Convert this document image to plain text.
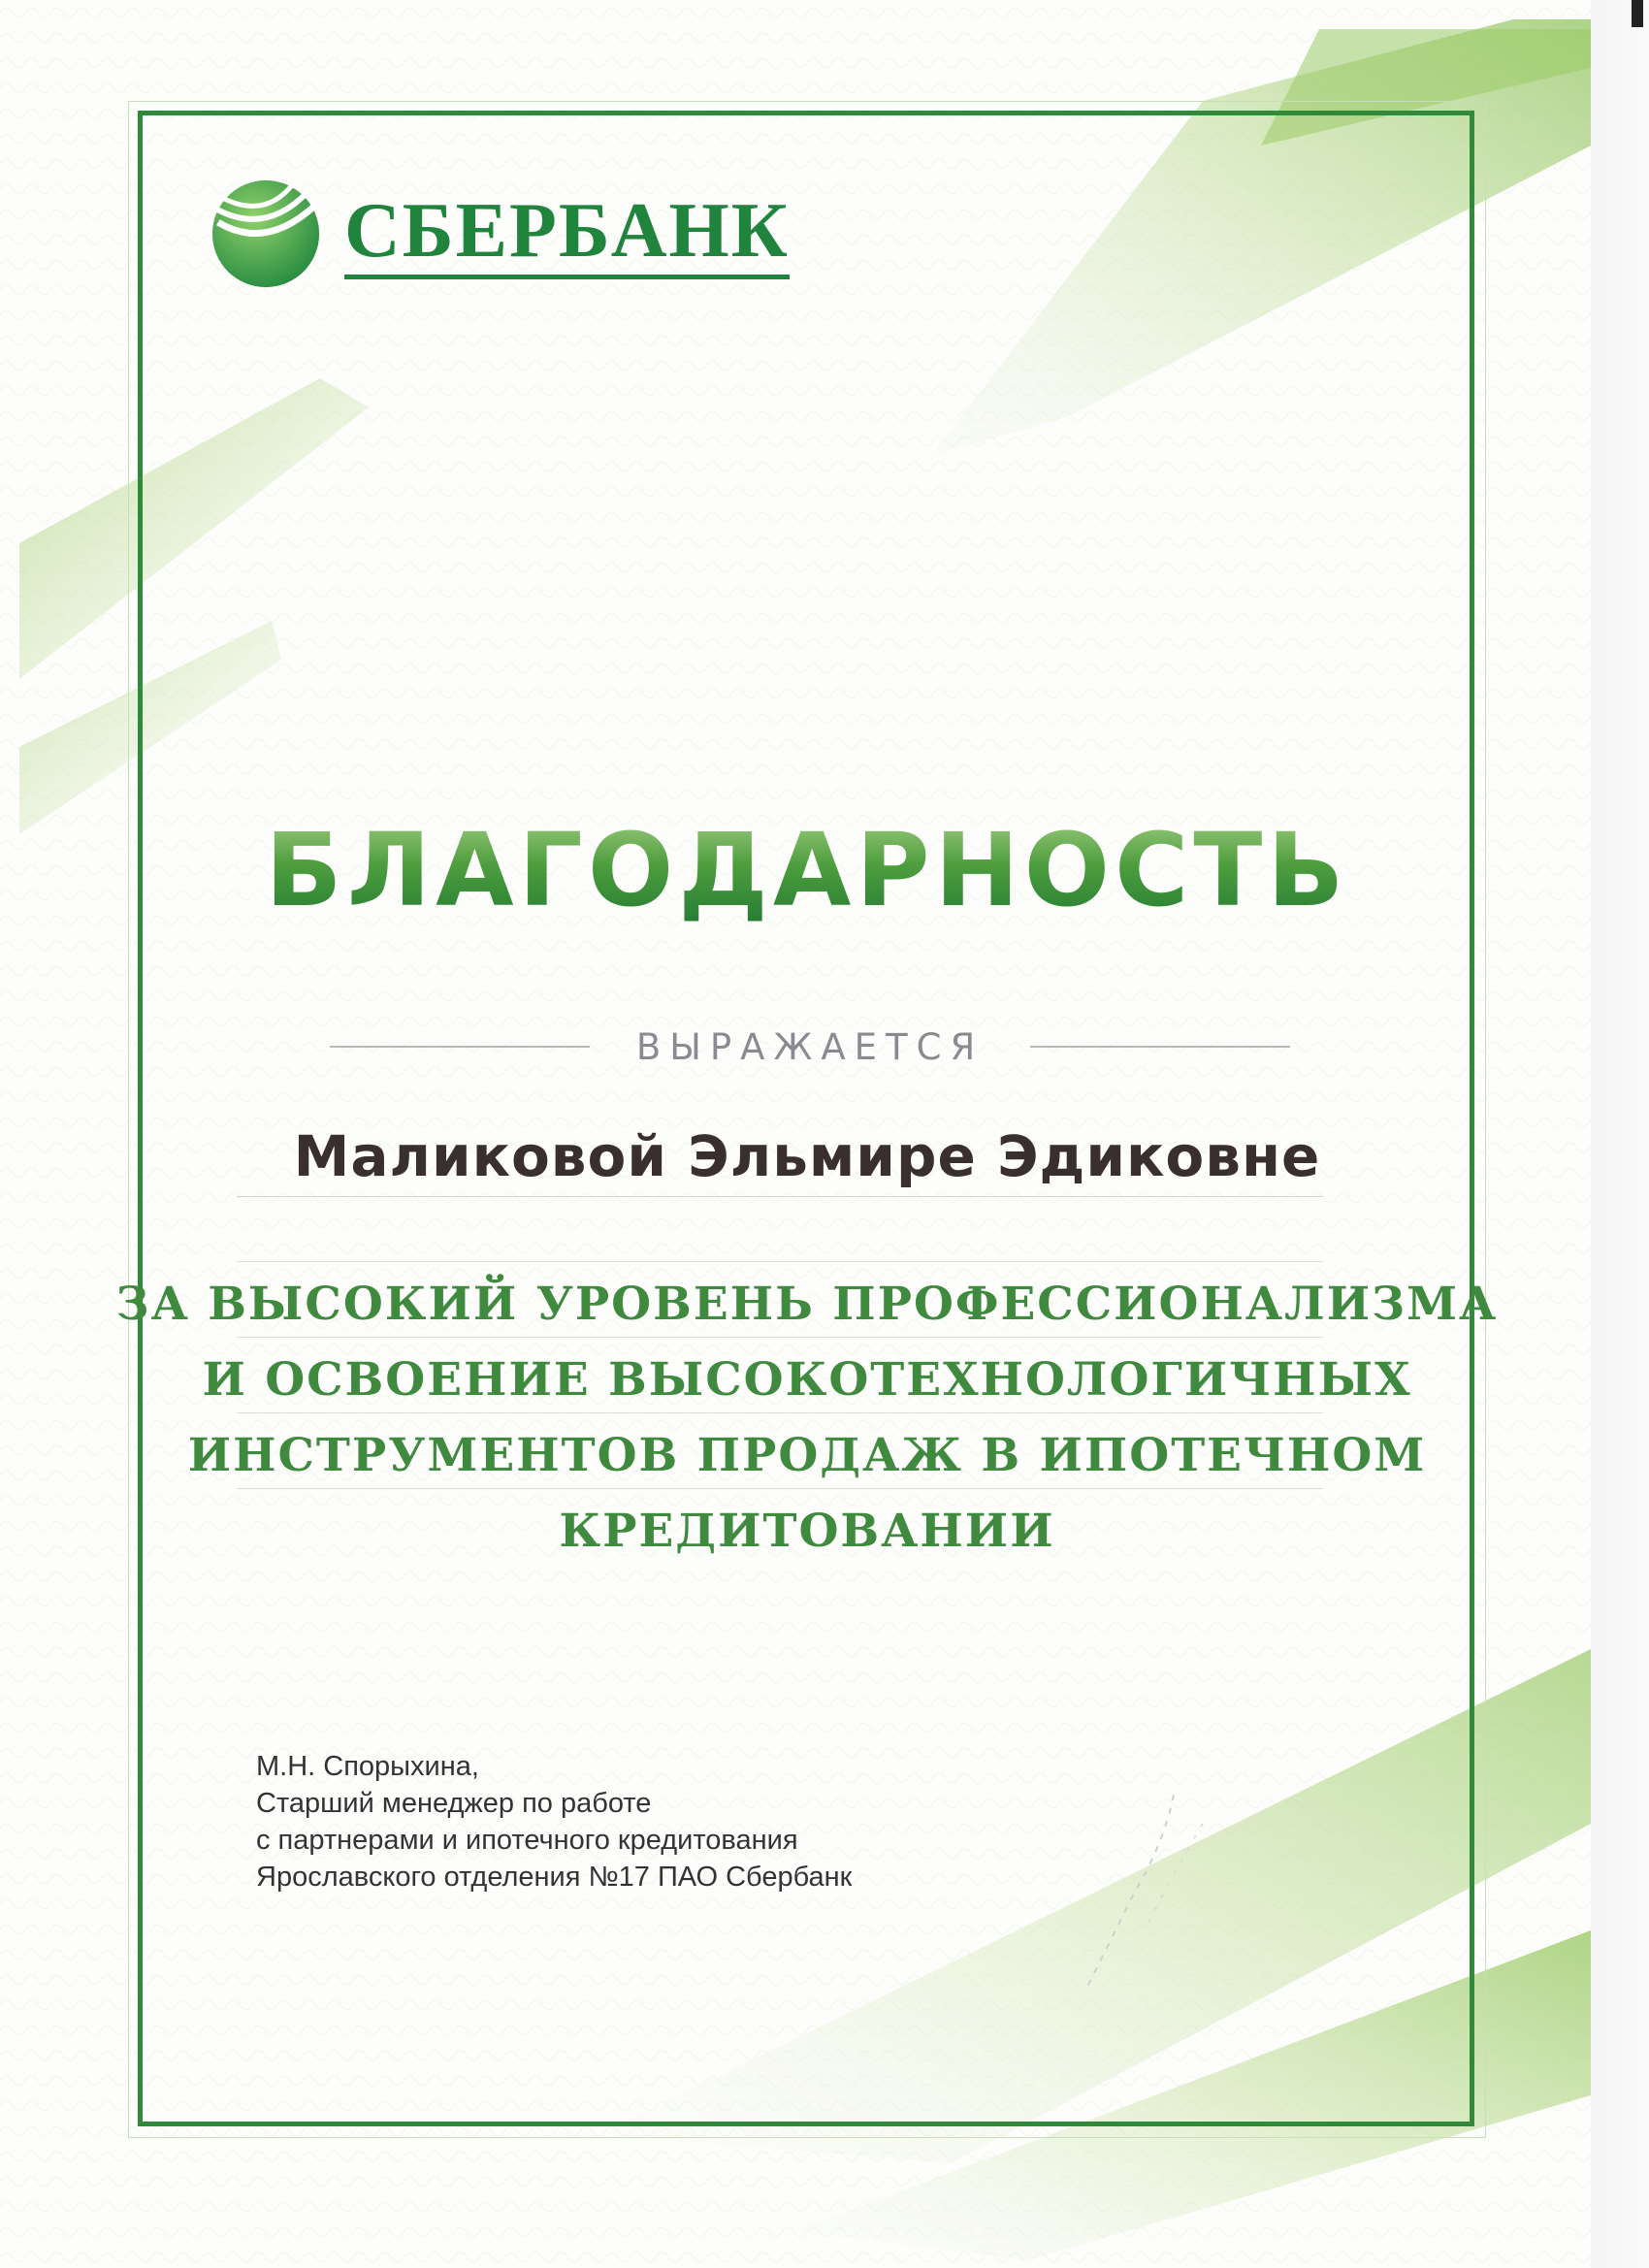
СБЕРБАНК
БЛАГОДАРНОСТЬ
ВЫРАЖАЕТСЯ
Маликовой Эльмире Эдиковне
ЗА ВЫСОКИЙ УРОВЕНЬ ПРОФЕССИОНАЛИЗМА
И ОСВОЕНИЕ ВЫСОКОТЕХНОЛОГИЧНЫХ
ИНСТРУМЕНТОВ ПРОДАЖ В ИПОТЕЧНОМ
КРЕДИТОВАНИИ
М.Н. Спорыхина,
Старший менеджер по работе
с партнерами и ипотечного кредитования
Ярославского отделения №17 ПАО Сбербанк
